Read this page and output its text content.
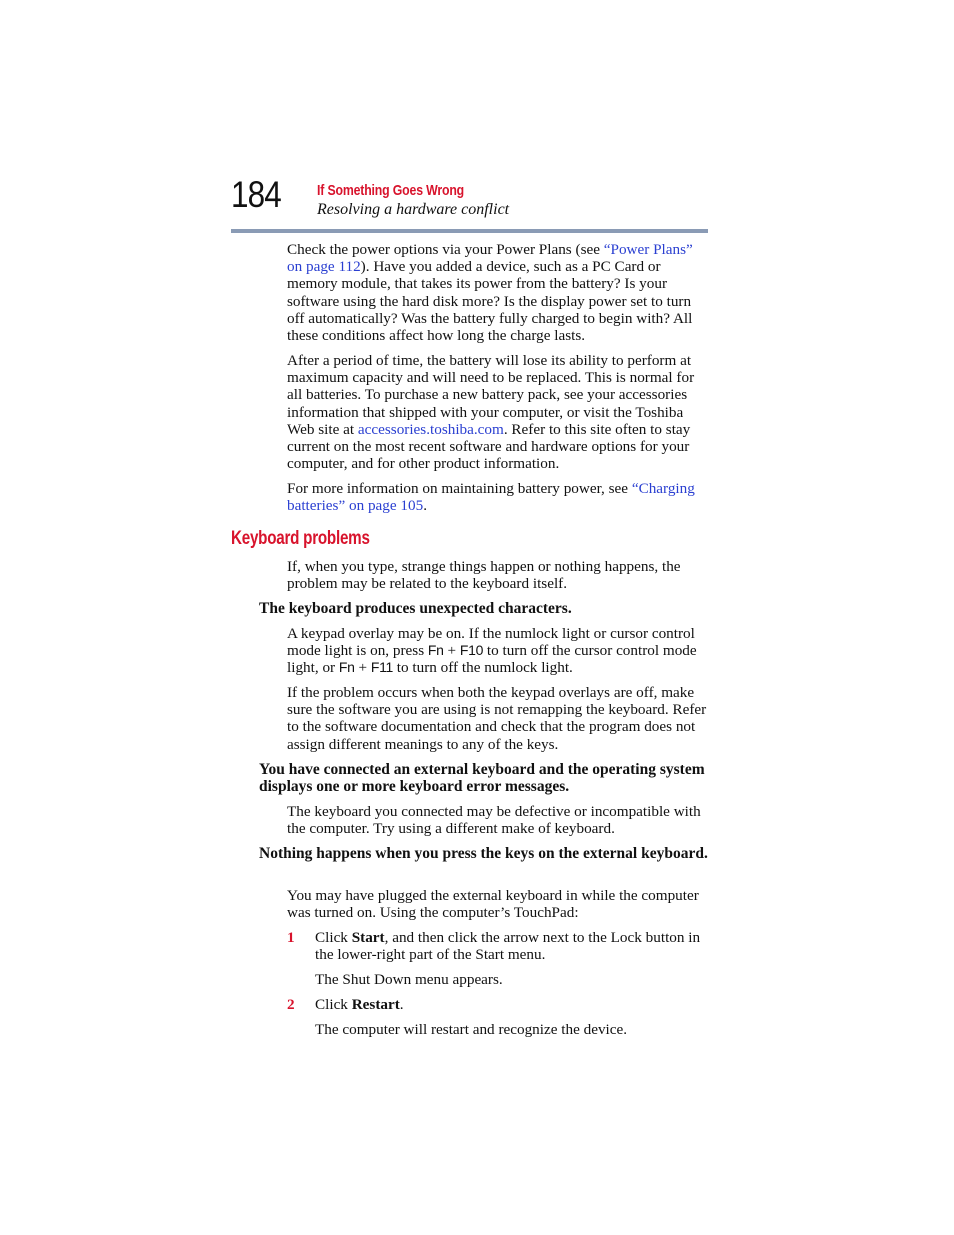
184 If Something Goes Wrong
Resolving a hardware conflict
Check the power options via your Power Plans (see “Power Plans” on page 112). Have you added a device, such as a PC Card or memory module, that takes its power from the battery? Is your software using the hard disk more? Is the display power set to turn off automatically? Was the battery fully charged to begin with? All these conditions affect how long the charge lasts.
After a period of time, the battery will lose its ability to perform at maximum capacity and will need to be replaced. This is normal for all batteries. To purchase a new battery pack, see your accessories information that shipped with your computer, or visit the Toshiba Web site at accessories.toshiba.com. Refer to this site often to stay current on the most recent software and hardware options for your computer, and for other product information.
For more information on maintaining battery power, see “Charging batteries” on page 105.
Keyboard problems
If, when you type, strange things happen or nothing happens, the problem may be related to the keyboard itself.
The keyboard produces unexpected characters.
A keypad overlay may be on. If the numlock light or cursor control mode light is on, press Fn + F10 to turn off the cursor control mode light, or Fn + F11 to turn off the numlock light.
If the problem occurs when both the keypad overlays are off, make sure the software you are using is not remapping the keyboard. Refer to the software documentation and check that the program does not assign different meanings to any of the keys.
You have connected an external keyboard and the operating system displays one or more keyboard error messages.
The keyboard you connected may be defective or incompatible with the computer. Try using a different make of keyboard.
Nothing happens when you press the keys on the external keyboard.
You may have plugged the external keyboard in while the computer was turned on. Using the computer’s TouchPad:
1 Click Start, and then click the arrow next to the Lock button in the lower-right part of the Start menu.
The Shut Down menu appears.
2 Click Restart.
The computer will restart and recognize the device.
